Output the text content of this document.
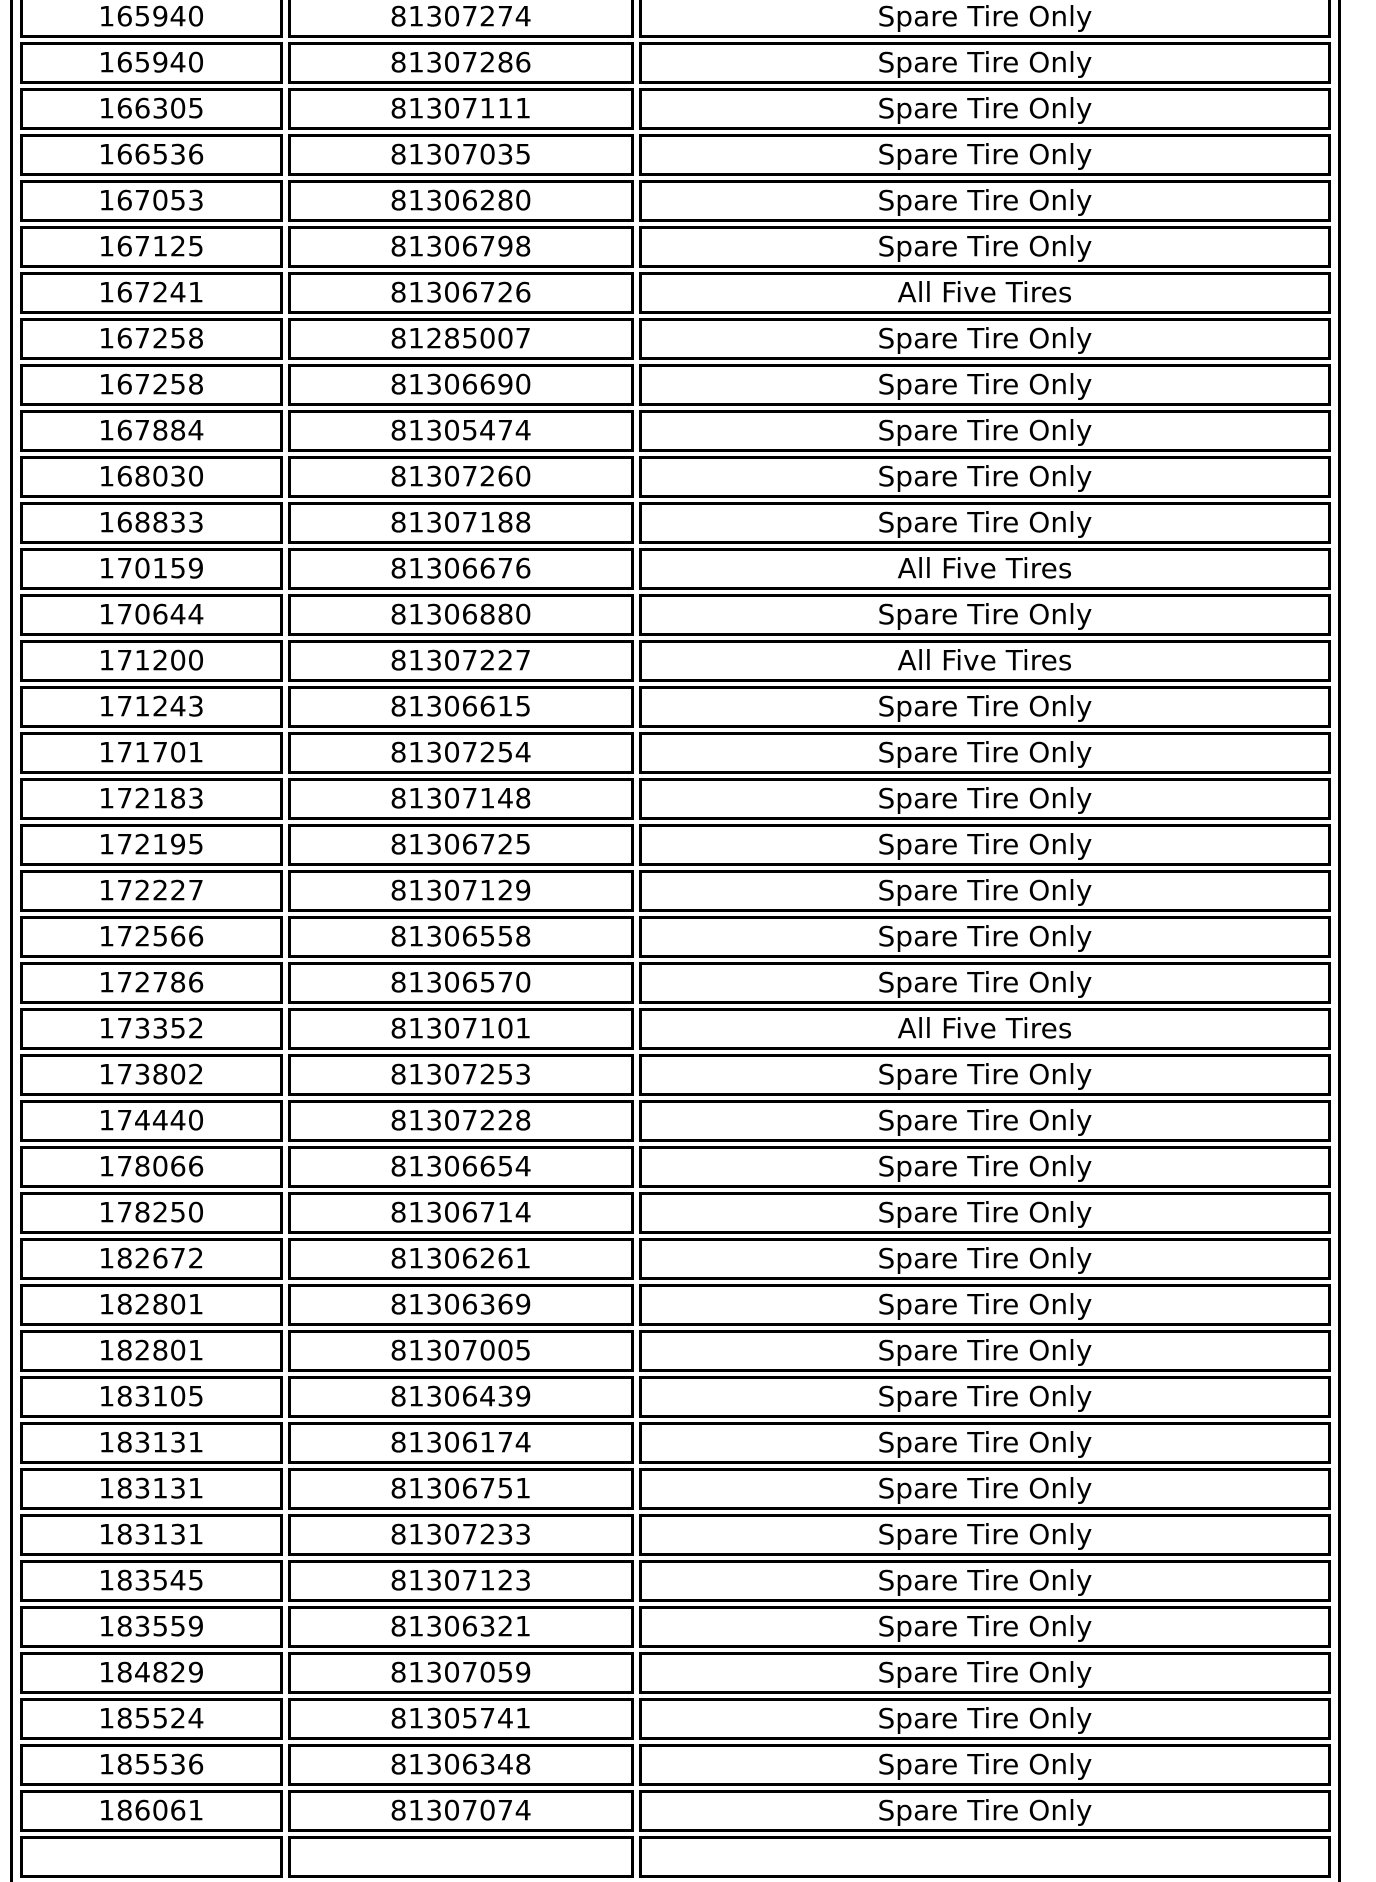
165940	81307274	Spare Tire Only
165940	81307286	Spare Tire Only
166305	81307111	Spare Tire Only
166536	81307035	Spare Tire Only
167053	81306280	Spare Tire Only
167125	81306798	Spare Tire Only
167241	81306726	All Five Tires
167258	81285007	Spare Tire Only
167258	81306690	Spare Tire Only
167884	81305474	Spare Tire Only
168030	81307260	Spare Tire Only
168833	81307188	Spare Tire Only
170159	81306676	All Five Tires
170644	81306880	Spare Tire Only
171200	81307227	All Five Tires
171243	81306615	Spare Tire Only
171701	81307254	Spare Tire Only
172183	81307148	Spare Tire Only
172195	81306725	Spare Tire Only
172227	81307129	Spare Tire Only
172566	81306558	Spare Tire Only
172786	81306570	Spare Tire Only
173352	81307101	All Five Tires
173802	81307253	Spare Tire Only
174440	81307228	Spare Tire Only
178066	81306654	Spare Tire Only
178250	81306714	Spare Tire Only
182672	81306261	Spare Tire Only
182801	81306369	Spare Tire Only
182801	81307005	Spare Tire Only
183105	81306439	Spare Tire Only
183131	81306174	Spare Tire Only
183131	81306751	Spare Tire Only
183131	81307233	Spare Tire Only
183545	81307123	Spare Tire Only
183559	81306321	Spare Tire Only
184829	81307059	Spare Tire Only
185524	81305741	Spare Tire Only
185536	81306348	Spare Tire Only
186061	81307074	Spare Tire Only
